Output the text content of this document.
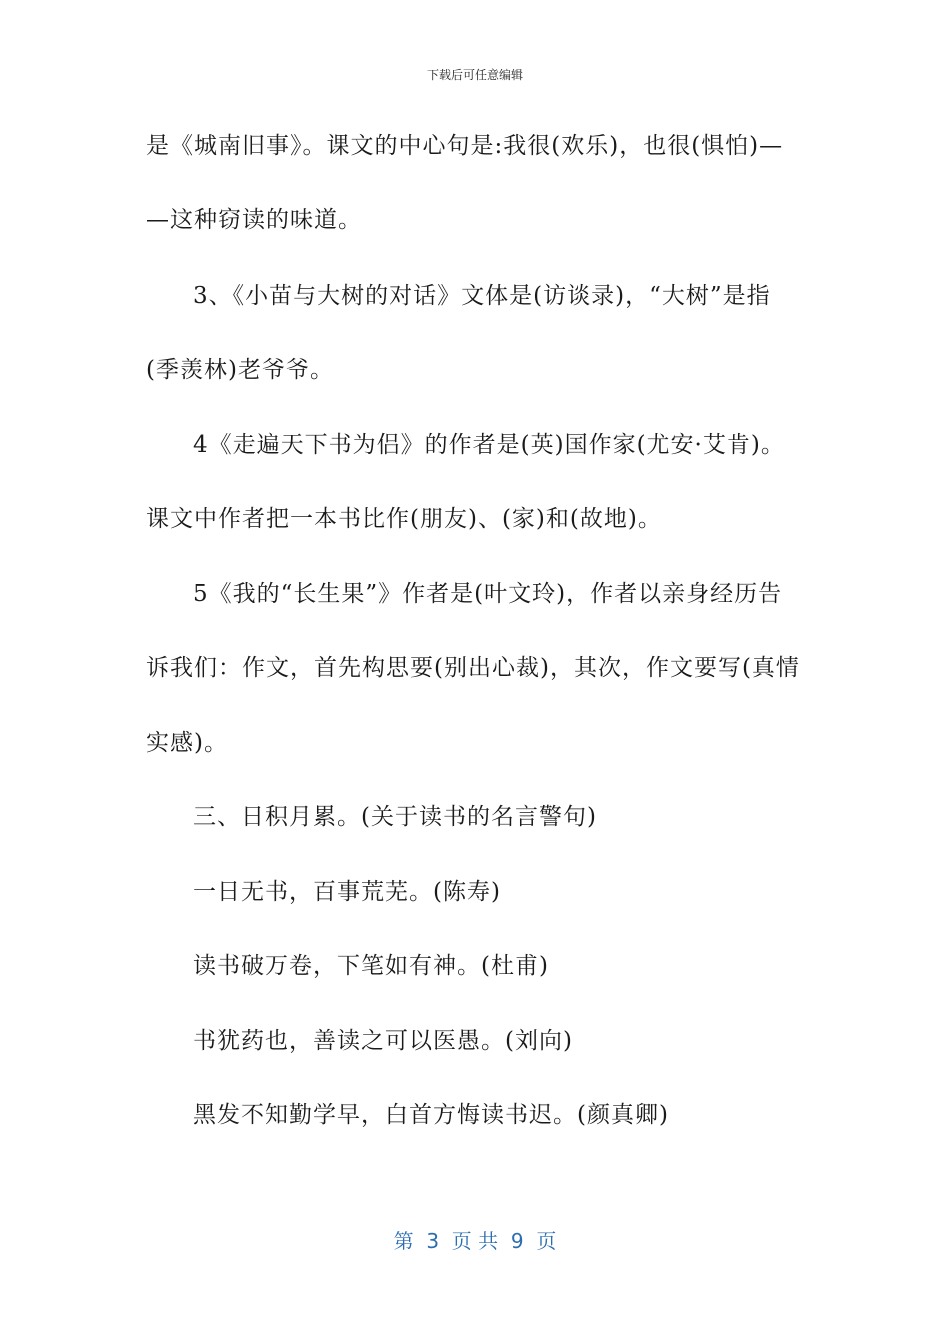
下载后可任意编辑
是《城南旧事》。课文的中心句是:我很(欢乐)，也很(惧怕)—
—这种窃读的味道。
3、《小苗与大树的对话》文体是(访谈录)，“大树”是指
(季羡林)老爷爷。
4《走遍天下书为侣》的作者是(英)国作家(尤安·艾肯)。
课文中作者把一本书比作(朋友)、(家)和(故地)。
5《我的“长生果”》作者是(叶文玲)，作者以亲身经历告
诉我们：作文，首先构思要(别出心裁)，其次，作文要写(真情
实感)。
三、日积月累。(关于读书的名言警句)
一日无书，百事荒芜。(陈寿)
读书破万卷，下笔如有神。(杜甫)
书犹药也，善读之可以医愚。(刘向)
黑发不知勤学早，白首方悔读书迟。(颜真卿)
第  3  页 共  9  页
